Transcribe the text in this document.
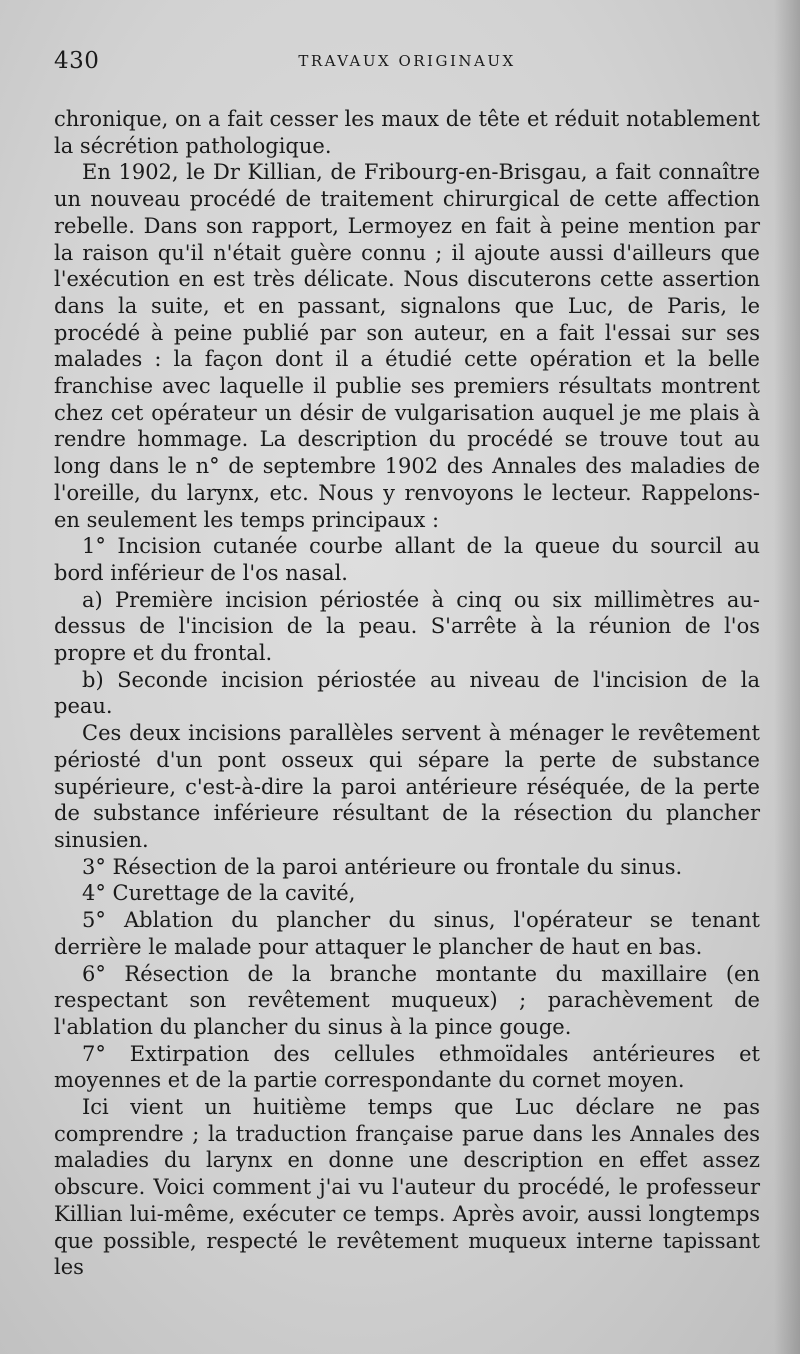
430	TRAVAUX ORIGINAUX

chronique, on a fait cesser les maux de tête et réduit notablement la sécrétion pathologique.

En 1902, le Dr Killian, de Fribourg-en-Brisgau, a fait connaître un nouveau procédé de traitement chirurgical de cette affection rebelle. Dans son rapport, Lermoyez en fait à peine mention par la raison qu'il n'était guère connu ; il ajoute aussi d'ailleurs que l'exécution en est très délicate. Nous discuterons cette assertion dans la suite, et en passant, signalons que Luc, de Paris, le procédé à peine publié par son auteur, en a fait l'essai sur ses malades : la façon dont il a étudié cette opération et la belle franchise avec laquelle il publie ses premiers résultats montrent chez cet opérateur un désir de vulgarisation auquel je me plais à rendre hommage. La description du procédé se trouve tout au long dans le n° de septembre 1902 des Annales des maladies de l'oreille, du larynx, etc. Nous y renvoyons le lecteur. Rappelons-en seulement les temps principaux :

1° Incision cutanée courbe allant de la queue du sourcil au bord inférieur de l'os nasal.

a) Première incision périostée à cinq ou six millimètres au-dessus de l'incision de la peau. S'arrête à la réunion de l'os propre et du frontal.

b) Seconde incision périostée au niveau de l'incision de la peau.

Ces deux incisions parallèles servent à ménager le revêtement périosté d'un pont osseux qui sépare la perte de substance supérieure, c'est-à-dire la paroi antérieure réséquée, de la perte de substance inférieure résultant de la résection du plancher sinusien.

3° Résection de la paroi antérieure ou frontale du sinus.

4° Curettage de la cavité,

5° Ablation du plancher du sinus, l'opérateur se tenant derrière le malade pour attaquer le plancher de haut en bas.

6° Résection de la branche montante du maxillaire (en respectant son revêtement muqueux) ; parachèvement de l'ablation du plancher du sinus à la pince gouge.

7° Extirpation des cellules ethmoïdales antérieures et moyennes et de la partie correspondante du cornet moyen.

Ici vient un huitième temps que Luc déclare ne pas comprendre ; la traduction française parue dans les Annales des maladies du larynx en donne une description en effet assez obscure. Voici comment j'ai vu l'auteur du procédé, le professeur Killian lui-même, exécuter ce temps. Après avoir, aussi longtemps que possible, respecté le revêtement muqueux interne tapissant les
